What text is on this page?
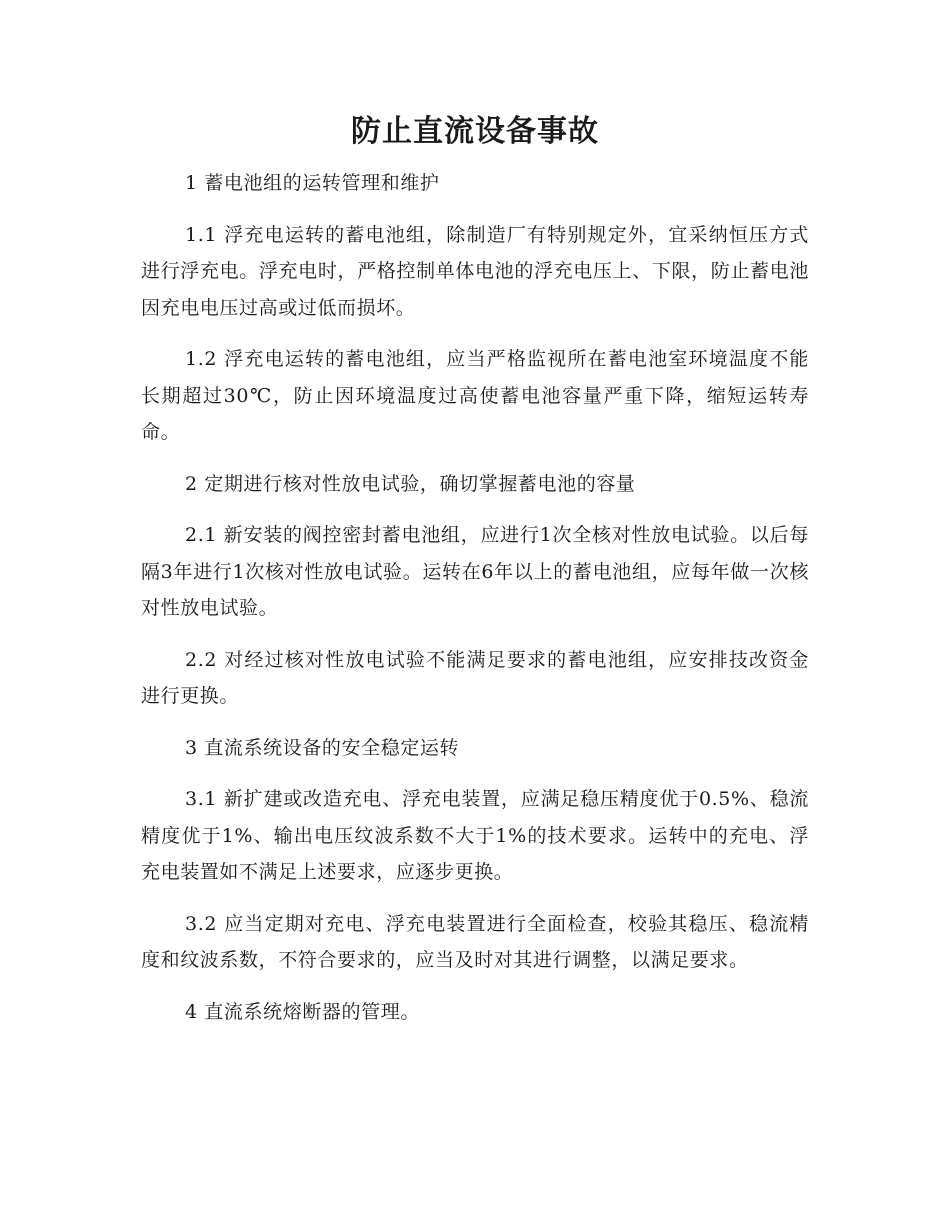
防止直流设备事故

1 蓄电池组的运转管理和维护

1.1 浮充电运转的蓄电池组，除制造厂有特别规定外，宜采纳恒压方式进行浮充电。浮充电时，严格控制单体电池的浮充电压上、下限，防止蓄电池因充电电压过高或过低而损坏。

1.2 浮充电运转的蓄电池组，应当严格监视所在蓄电池室环境温度不能长期超过30℃，防止因环境温度过高使蓄电池容量严重下降，缩短运转寿命。

2 定期进行核对性放电试验，确切掌握蓄电池的容量

2.1 新安装的阀控密封蓄电池组，应进行1次全核对性放电试验。以后每隔3年进行1次核对性放电试验。运转在6年以上的蓄电池组，应每年做一次核对性放电试验。

2.2 对经过核对性放电试验不能满足要求的蓄电池组，应安排技改资金进行更换。

3 直流系统设备的安全稳定运转

3.1 新扩建或改造充电、浮充电装置，应满足稳压精度优于0.5%、稳流精度优于1%、输出电压纹波系数不大于1%的技术要求。运转中的充电、浮充电装置如不满足上述要求，应逐步更换。

3.2 应当定期对充电、浮充电装置进行全面检查，校验其稳压、稳流精度和纹波系数，不符合要求的，应当及时对其进行调整，以满足要求。

4 直流系统熔断器的管理。
